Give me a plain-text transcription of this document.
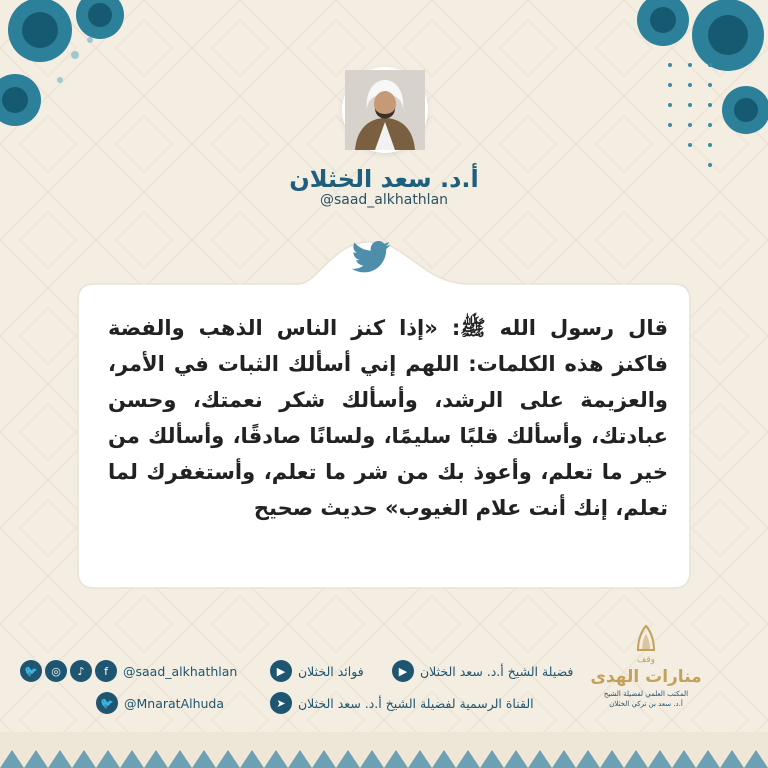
أ.د. سعد الخثلان
@saad_alkhathlan
قال رسول الله ﷺ: «إذا كنز الناس الذهب والفضة فاكنز هذه الكلمات: اللهم إني أسألك الثبات في الأمر، والعزيمة على الرشد، وأسألك شكر نعمتك، وحسن عبادتك، وأسألك قلبًا سليمًا، ولسانًا صادقًا، وأسألك من خير ما تعلم، وأعوذ بك من شر ما تعلم، وأستغفرك لما تعلم، إنك أنت علام الغيوب» حديث صحيح
🐦	◎	♪	f	@saad_alkhathlan	▶	فوائد الخثلان	▶	فضيلة الشيخ أ.د. سعد الخثلان
🐦 @MnaratAlhuda	➤ القناة الرسمية لفضيلة الشيخ أ.د. سعد الخثلان
وقف
منارات الهدى
المكتب العلمي لفضيلة الشيخ
أ.د. سعد بن تركي الخثلان
